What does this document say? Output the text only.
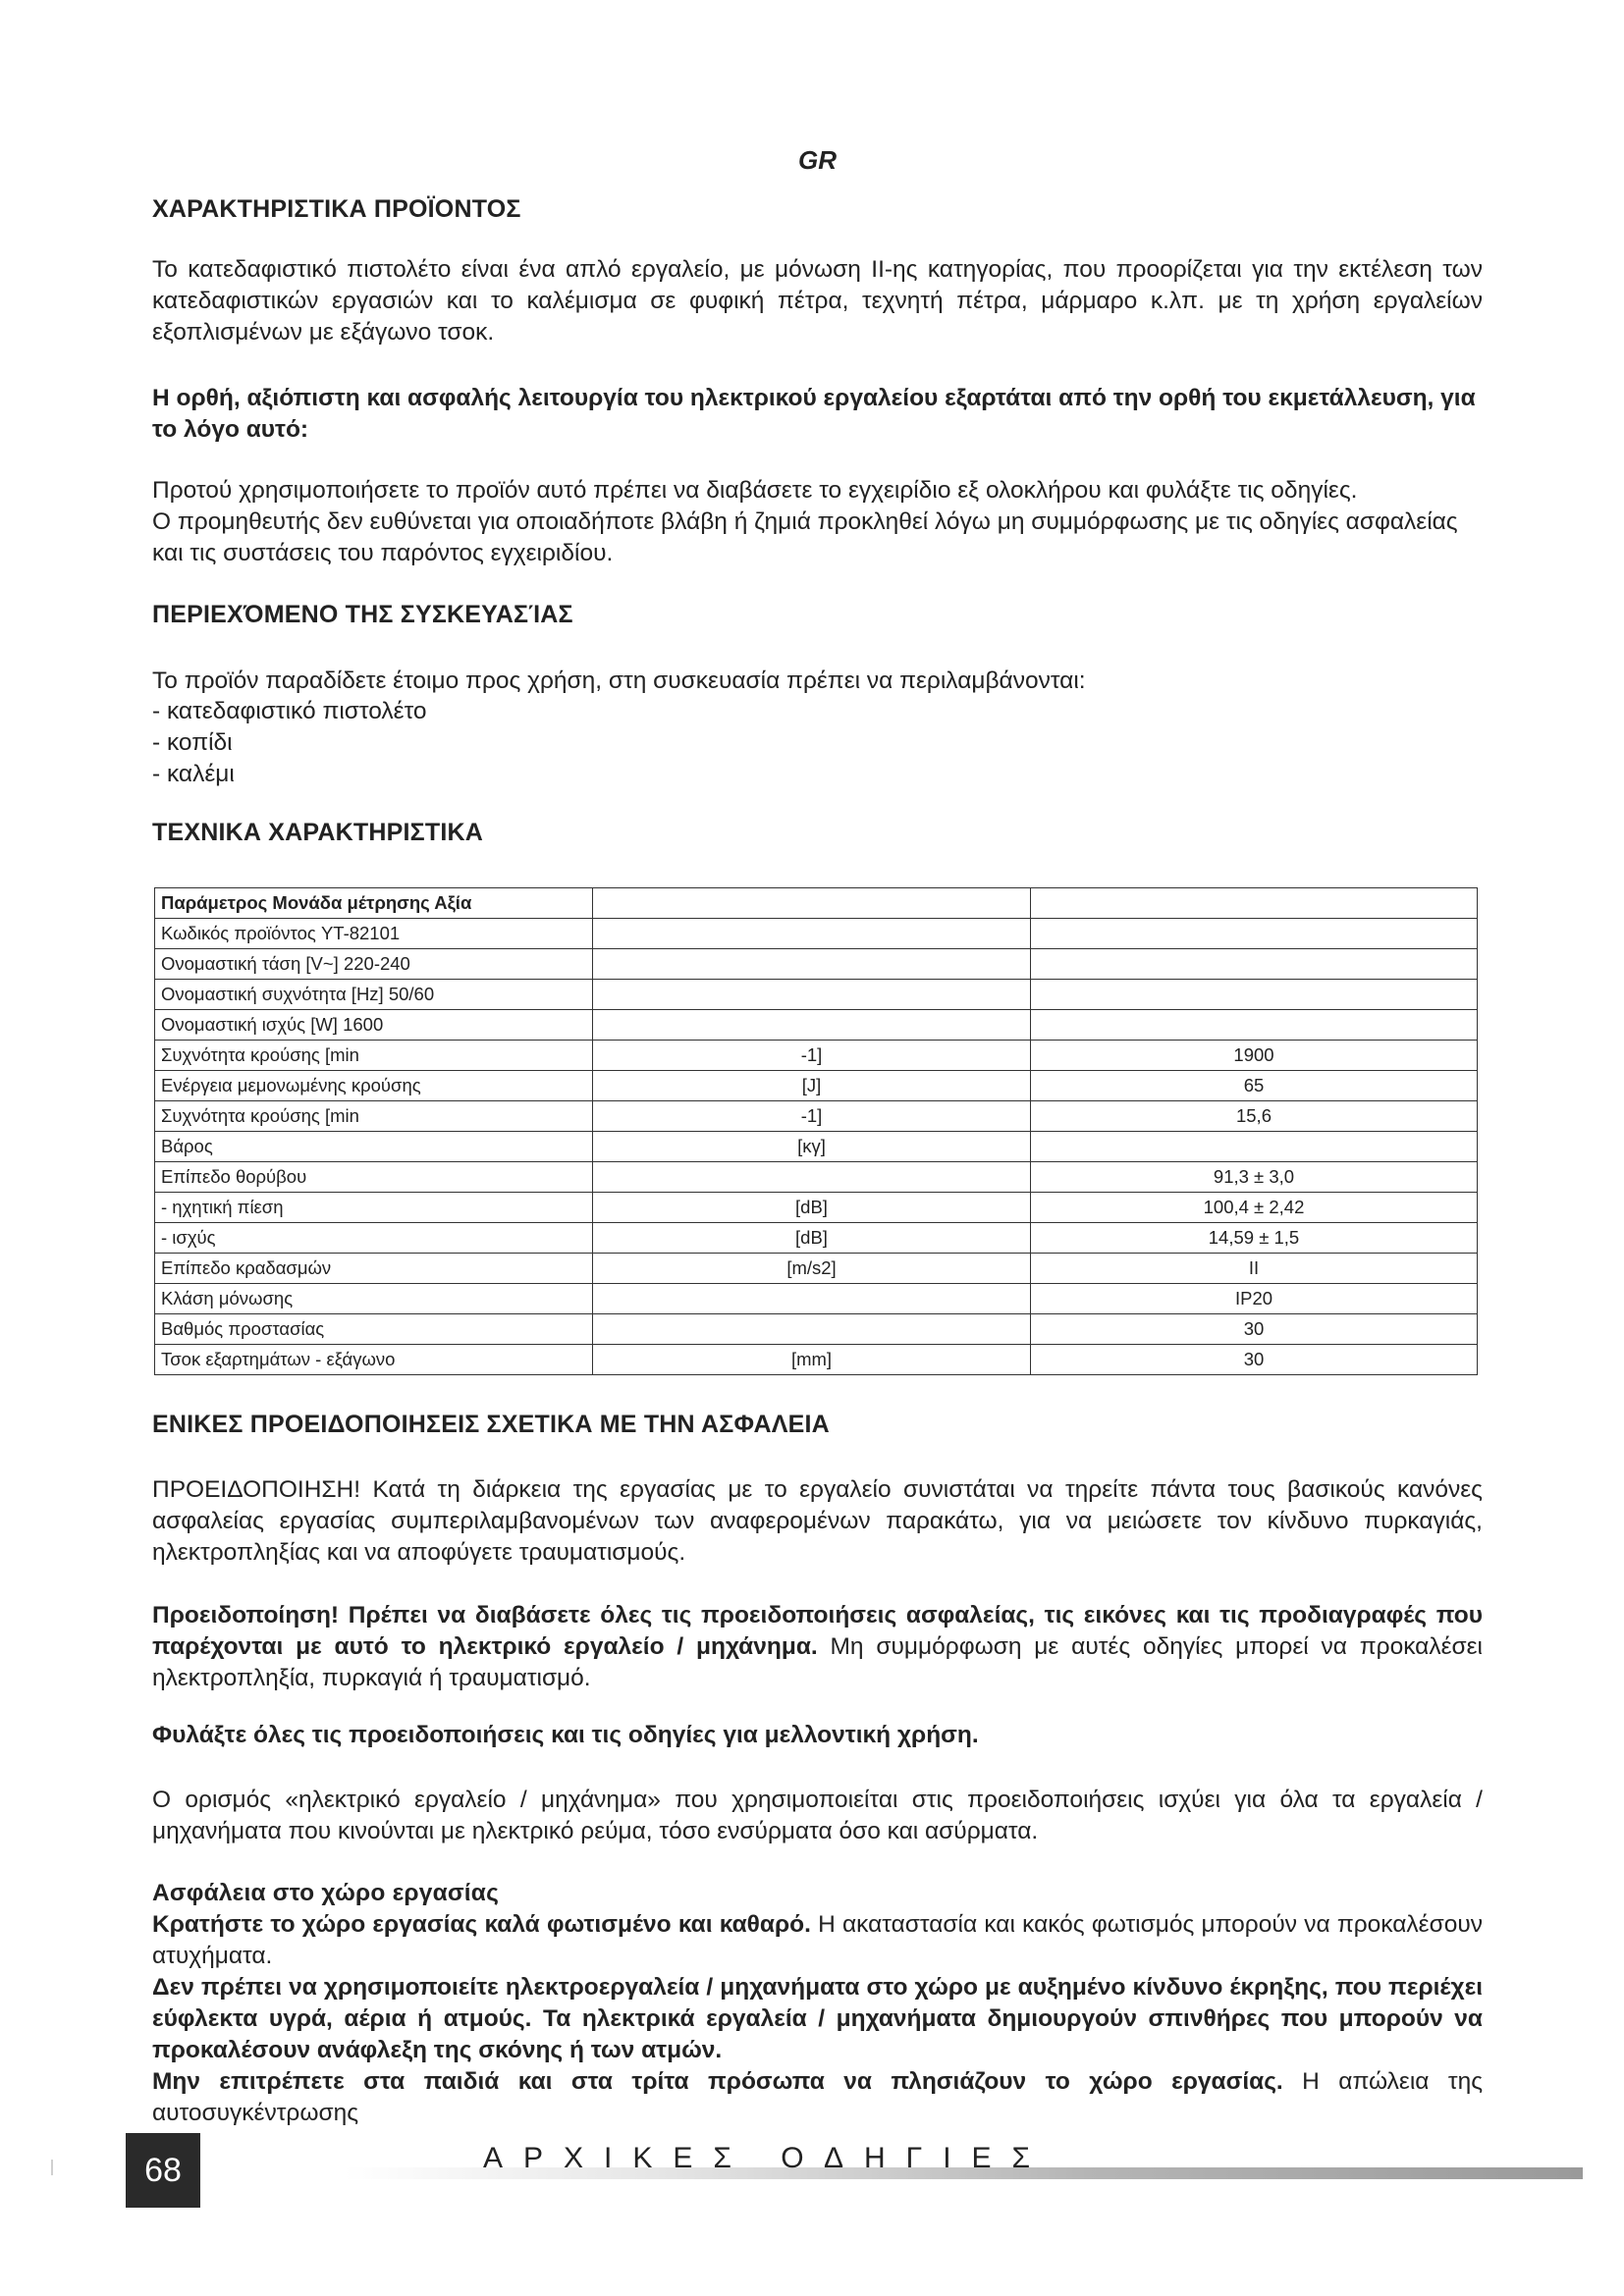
GR
ΧΑΡΑΚΤΗΡΙΣΤΙΚΑ ΠΡΟΪΟΝΤΟΣ

Το κατεδαφιστικό πιστολέτο είναι ένα απλό εργαλείο, με μόνωση II-ης κατηγορίας, που προορίζεται για την εκτέλεση των κατεδαφιστικών εργασιών και το καλέμισμα σε φυφική πέτρα, τεχνητή πέτρα, μάρμαρο κ.λπ. με τη χρήση εργαλείων εξοπλισμένων με εξάγωνο τσοκ.

Η ορθή, αξιόπιστη και ασφαλής λειτουργία του ηλεκτρικού εργαλείου εξαρτάται από την ορθή του εκμετάλλευση, για το λόγο αυτό:

Προτού χρησιμοποιήσετε το προϊόν αυτό πρέπει να διαβάσετε το εγχειρίδιο εξ ολοκλήρου και φυλάξτε τις οδηγίες.

Ο προμηθευτής δεν ευθύνεται για οποιαδήποτε βλάβη ή ζημιά προκληθεί λόγω μη συμμόρφωσης με τις οδηγίες ασφαλείας και τις συστάσεις του παρόντος εγχειριδίου.

ΠΕΡΙΕΧΌΜΕΝΟ ΤΗΣ ΣΥΣΚΕΥΑΣΊΑΣ

Το προϊόν παραδίδετε έτοιμο προς χρήση, στη συσκευασία πρέπει να περιλαμβάνονται:

- κατεδαφιστικό πιστολέτο
- κοπίδι
- καλέμι
ΤΕΧΝΙΚΑ ΧΑΡΑΚΤΗΡΙΣΤΙΚΑ
Παράμετρος Μονάδα μέτρησης Αξία		
Κωδικός προϊόντος YT-82101		
Ονομαστική τάση [V~] 220-240		
Ονομαστική συχνότητα [Hz] 50/60		
Ονομαστική ισχύς [W] 1600		
Συχνότητα κρούσης [min	-1]	1900
Ενέργεια μεμονωμένης κρούσης	[J]	65
Συχνότητα κρούσης [min	-1]	15,6
Βάρος	[κγ]	
Επίπεδο θορύβου		91,3 ± 3,0
- ηχητική πίεση	[dB]	100,4 ± 2,42
- ισχύς	[dB]	14,59 ± 1,5
Επίπεδο κραδασμών	[m/s2]	II
Κλάση μόνωσης		IP20
Βαθμός προστασίας		30
Τσοκ εξαρτημάτων - εξάγωνο	[mm]	30
ΕΝΙΚΕΣ ΠΡΟΕΙΔΟΠΟΙΗΣΕΙΣ ΣΧΕΤΙΚΑ ΜΕ ΤΗΝ ΑΣΦΑΛΕΙΑ

ΠΡΟΕΙΔΟΠΟΙΗΣΗ! Κατά τη διάρκεια της εργασίας με το εργαλείο συνιστάται να τηρείτε πάντα τους βασικούς κανόνες ασφαλείας εργασίας συμπεριλαμβανομένων των αναφερομένων παρακάτω, για να μειώσετε τον κίνδυνο πυρκαγιάς, ηλεκτροπληξίας και να αποφύγετε τραυματισμούς.

Προειδοποίηση! Πρέπει να διαβάσετε όλες τις προειδοποιήσεις ασφαλείας, τις εικόνες και τις προδιαγραφές που παρέχονται με αυτό το ηλεκτρικό εργαλείο / μηχάνημα. Μη συμμόρφωση με αυτές οδηγίες μπορεί να προκαλέσει ηλεκτροπληξία, πυρκαγιά ή τραυματισμό.

Φυλάξτε όλες τις προειδοποιήσεις και τις οδηγίες για μελλοντική χρήση.

Ο ορισμός «ηλεκτρικό εργαλείο / μηχάνημα» που χρησιμοποιείται στις προειδοποιήσεις ισχύει για όλα τα εργαλεία / μηχανήματα που κινούνται με ηλεκτρικό ρεύμα, τόσο ενσύρματα όσο και ασύρματα.

Ασφάλεια στο χώρο εργασίας

Κρατήστε το χώρο εργασίας καλά φωτισμένο και καθαρό. Η ακαταστασία και κακός φωτισμός μπορούν να προκαλέσουν ατυχήματα.

Δεν πρέπει να χρησιμοποιείτε ηλεκτροεργαλεία / μηχανήματα στο χώρο με αυξημένο κίνδυνο έκρηξης, που περιέχει εύφλεκτα υγρά, αέρια ή ατμούς. Τα ηλεκτρικά εργαλεία / μηχανήματα δημιουργούν σπινθήρες που μπορούν να προκαλέσουν ανάφλεξη της σκόνης ή των ατμών.

Μην επιτρέπετε στα παιδιά και στα τρίτα πρόσωπα να πλησιάζουν το χώρο εργασίας. Η απώλεια της αυτοσυγκέντρωσης

68	ΑΡΧΙΚΕΣ ΟΔΗΓΙΕΣ
